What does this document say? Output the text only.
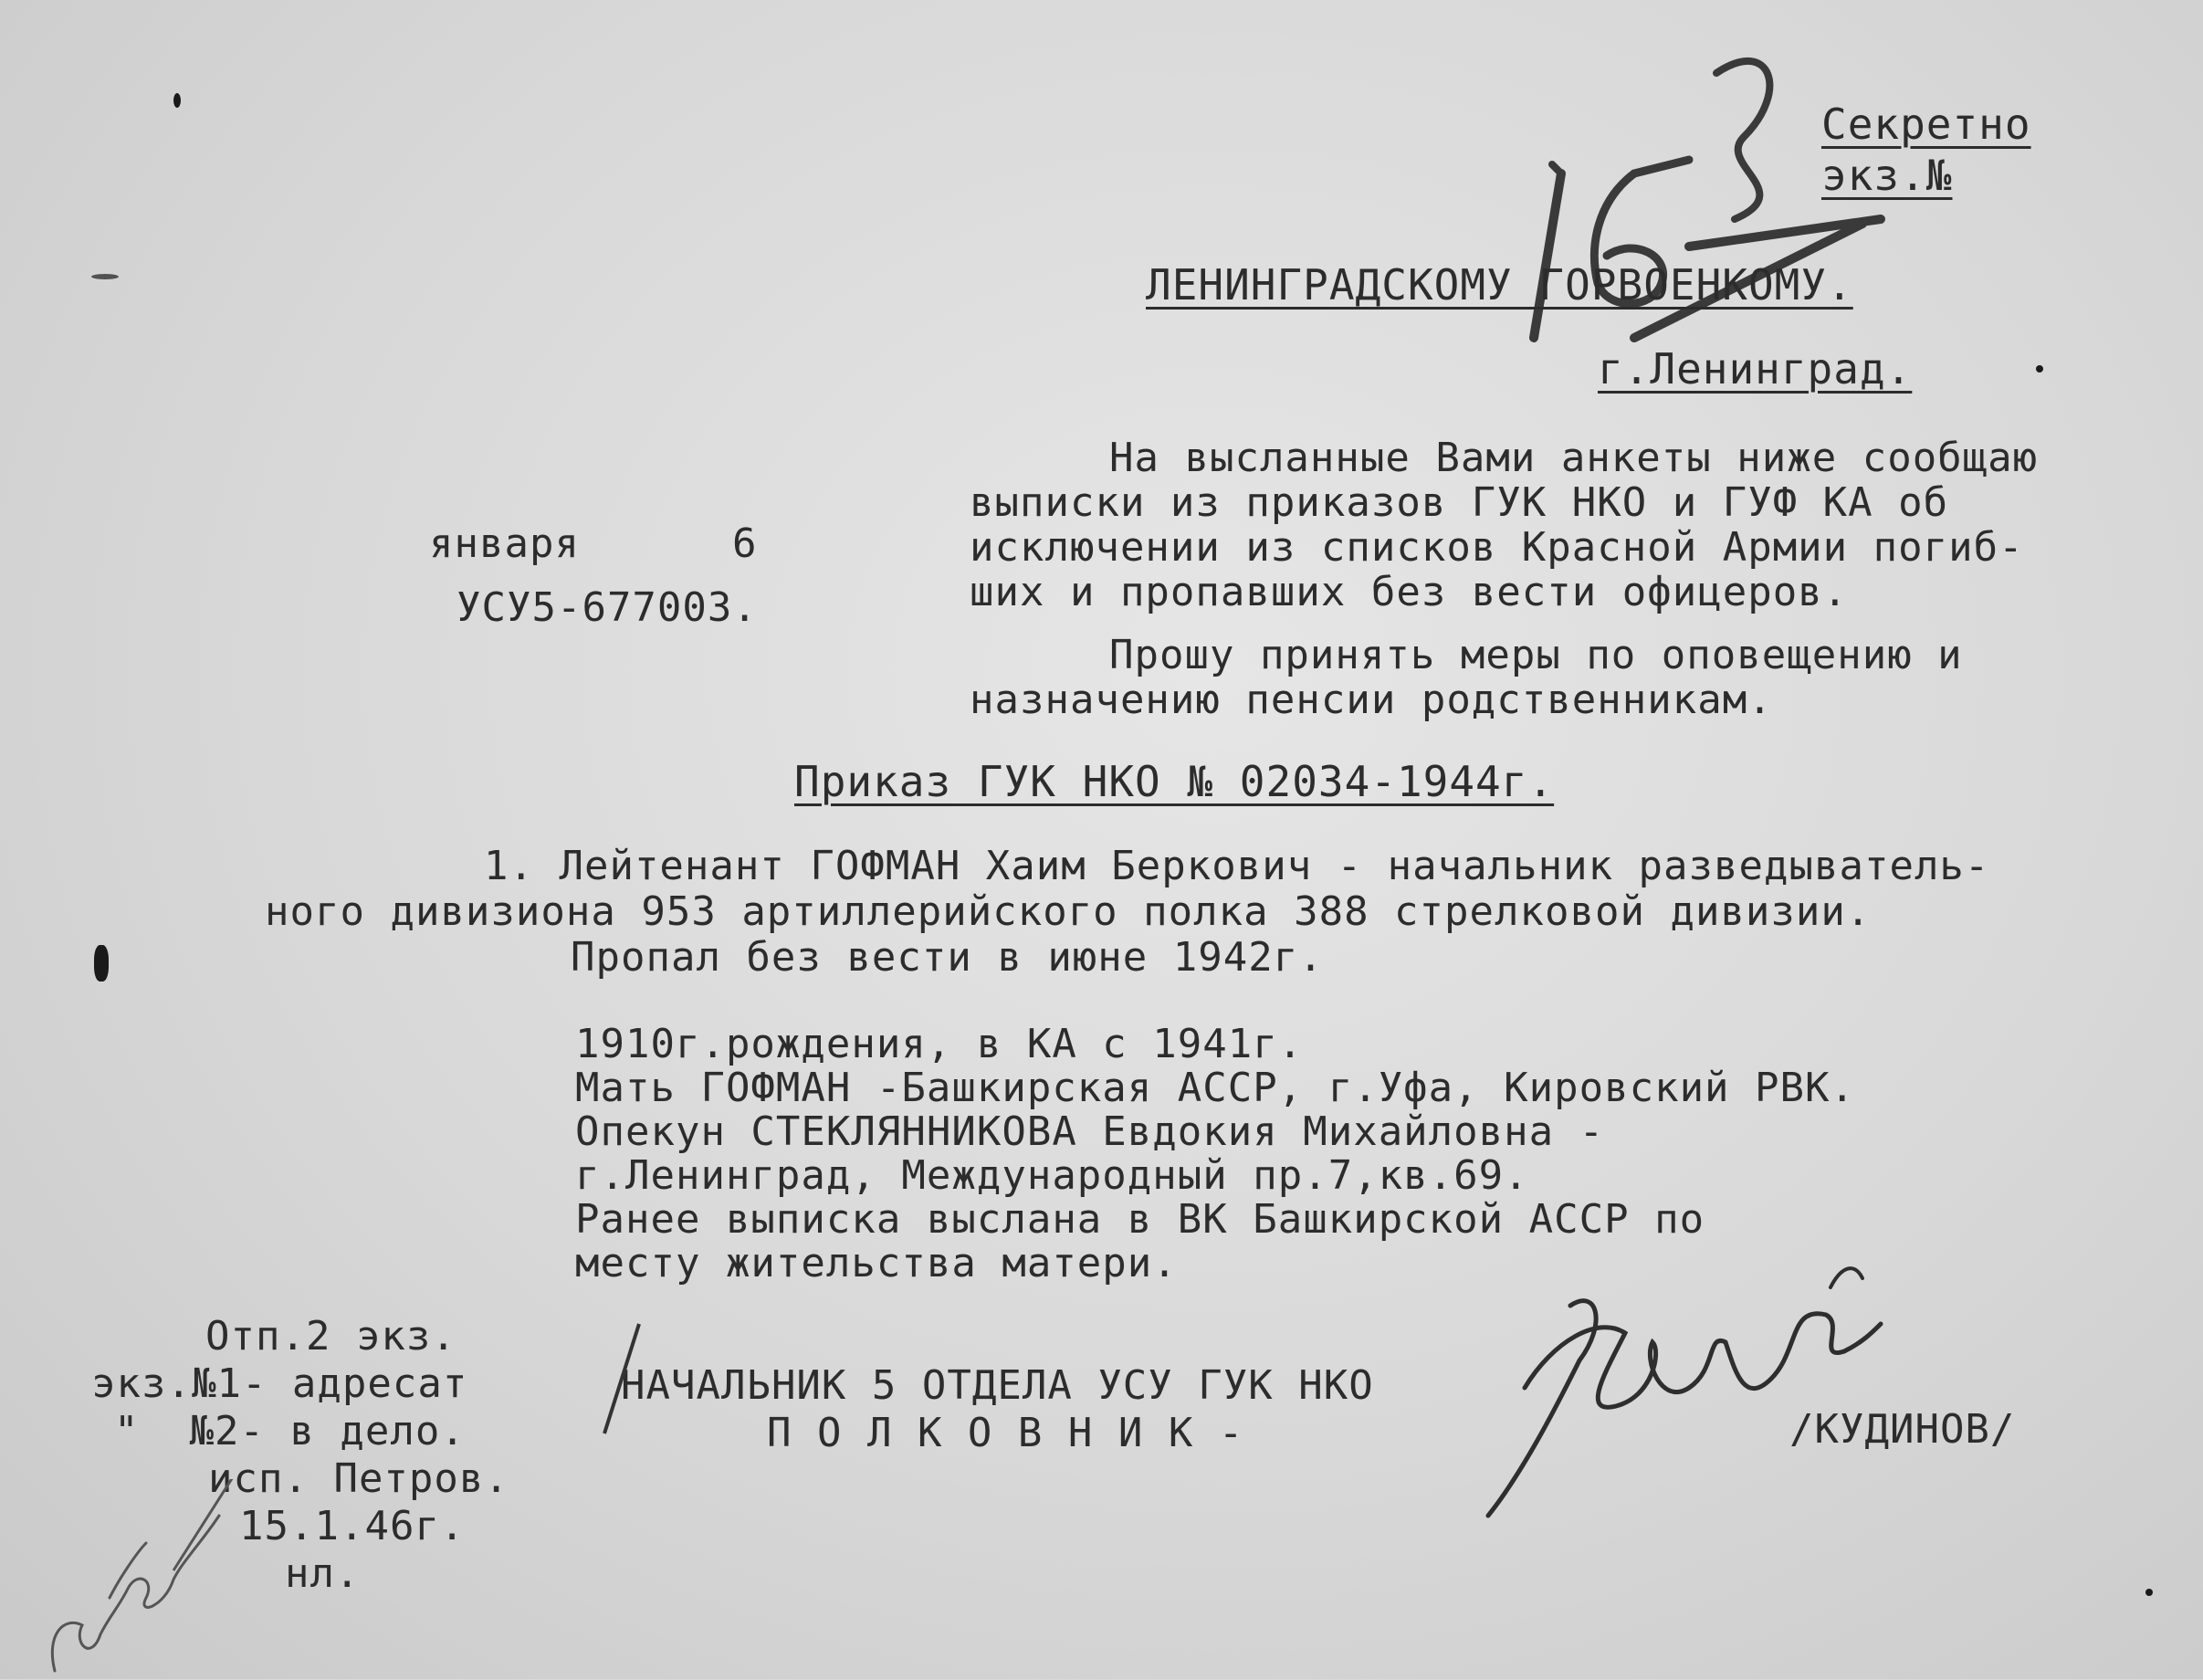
Секретно
экз.№
ЛЕНИНГРАДСКОМУ ГОРВОЕНКОМУ.
г.Ленинград.
января	6
УСУ5-677003.
На высланные Вами анкеты ниже сообщаю
выписки из приказов ГУК НКО и ГУФ КА об
исключении из списков Красной Армии погиб-
ших и пропавших без вести офицеров.
Прошу принять меры по оповещению и
назначению пенсии родственникам.
Приказ ГУК НКО № 02034-1944г.
1. Лейтенант ГОФМАН Хаим Беркович - начальник разведыватель-
ного дивизиона 953 артиллерийского полка 388 стрелковой дивизии.
Пропал без вести в июне 1942г.
1910г.рождения, в КА с 1941г.
Мать ГОФМАН -Башкирская АССР, г.Уфа, Кировский РВК.
Опекун СТЕКЛЯННИКОВА Евдокия Михайловна -
г.Ленинград, Международный пр.7,кв.69.
Ранее выписка выслана в ВК Башкирской АССР по
месту жительства матери.
Отп.2 экз.
экз.№1- адресат
"  №2- в дело.
исп. Петров.
15.1.46г.
нл.
НАЧАЛЬНИК 5 ОТДЕЛА УСУ ГУК НКО
П О Л К О В Н И К -	/КУДИНОВ/
